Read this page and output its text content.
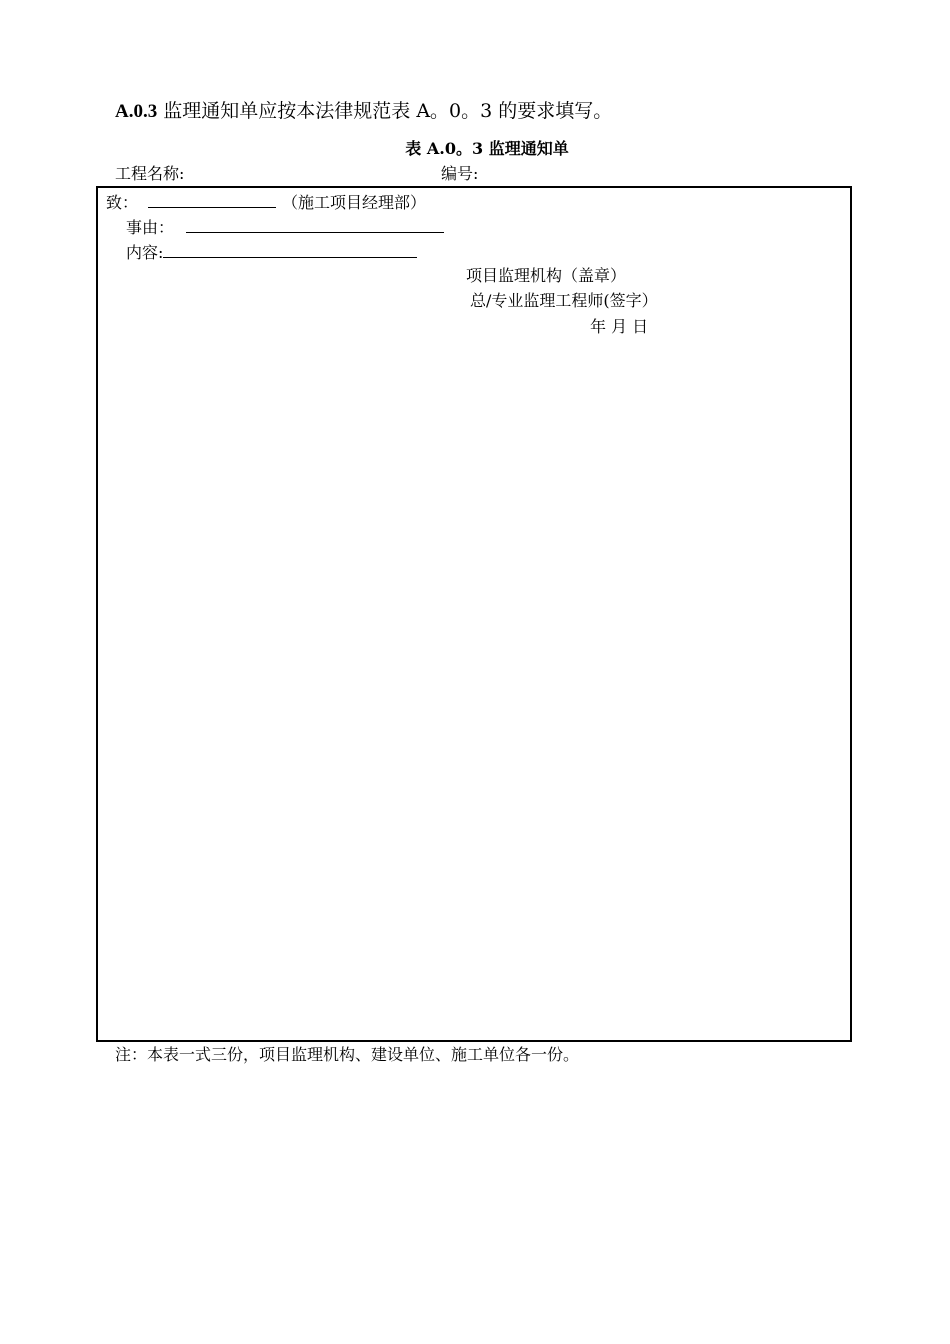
A.0.3 监理通知单应按本法律规范表 A。0。3 的要求填写。
表 A.0。3 监理通知单
工程名称:	编号:
致：	（施工项目经理部）
事由：
内容:
项目监理机构（盖章）
总/专业监理工程师(签字）
年 月 日
注：本表一式三份，项目监理机构、建设单位、施工单位各一份。
